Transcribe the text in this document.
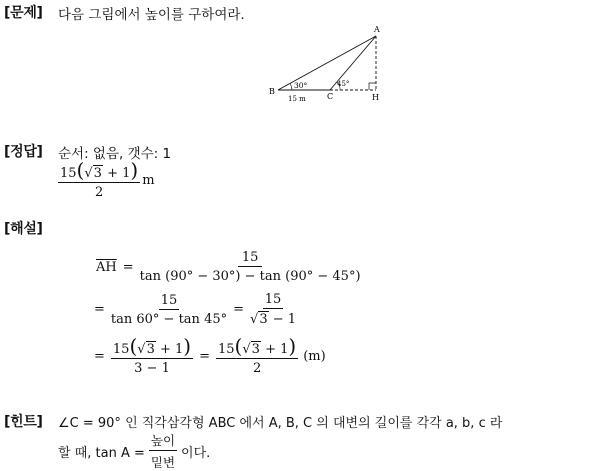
[문제] 다음 그림에서 높이를 구하여라.
A
B
C	H
30°	45°
15 m
[정답] 순서: 없음, 갯수: 1
$\frac{15(√3 + 1)}{2}$ m
[해설]
$\overline{AH} = \frac{15}{\tan (90^\circ - 30^\circ) - \tan (90^\circ - 45^\circ)}$
= $\frac{15}{\tan 60^\circ - \tan 45^\circ} = \frac{15}{√3 - 1}$
= $\frac{15(√3 + 1)}{3 - 1} = \frac{15(√3 + 1)}{2} (m)$
[힌트] ∠C = 90° 인 직각삼각형 ABC 에서 A, B, C 의 대변의 길이를 각각 a, b, c 라
할 때, $\tan A = \frac{\text{높이}}{\text{밑변}}$ 이다.
